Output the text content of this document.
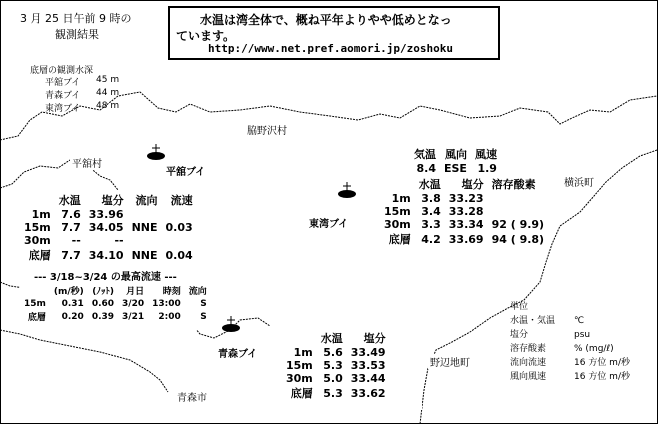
3 月 25 日午前 9 時の
観測結果
水温は湾全体で、概ね平年よりやや低めとなっ
ています。
http://www.net.pref.aomori.jp/zoshoku
底層の観測水深
平舘ブイ 45 m
青森ブイ 44 m
東湾ブイ 48 m
脇野沢村
平舘村
横浜町
野辺地町
青森市
平舘ブイ
東湾ブイ
青森ブイ
	水温	塩分	流向	流速
1m	7.6	33.96		
15m	7.7	34.05	NNE	0.03
30m	--	--		
底層	7.7	34.10	NNE	0.04
--- 3/18~3/24 の最高流速 ---
	(m/秒)	(ﾉｯﾄ)	月日	時刻	流向
15m	0.31	0.60	3/20	13:00	S
底層	0.20	0.39	3/21	2:00	S
気温	風向	風速
8.4	ESE	1.9
	水温	塩分	溶存酸素
1m	3.8	33.23	
15m	3.4	33.28	
30m	3.3	33.34	92 ( 9.9)
底層	4.2	33.69	94 ( 9.8)
	水温	塩分
1m	5.6	33.49
15m	5.3	33.53
30m	5.0	33.44
底層	5.3	33.62
単位
水温・気温 ℃
塩分	psu
溶存酸素	% (mg/ℓ)
流向流速	16 方位 m/秒
風向風速	16 方位 m/秒
